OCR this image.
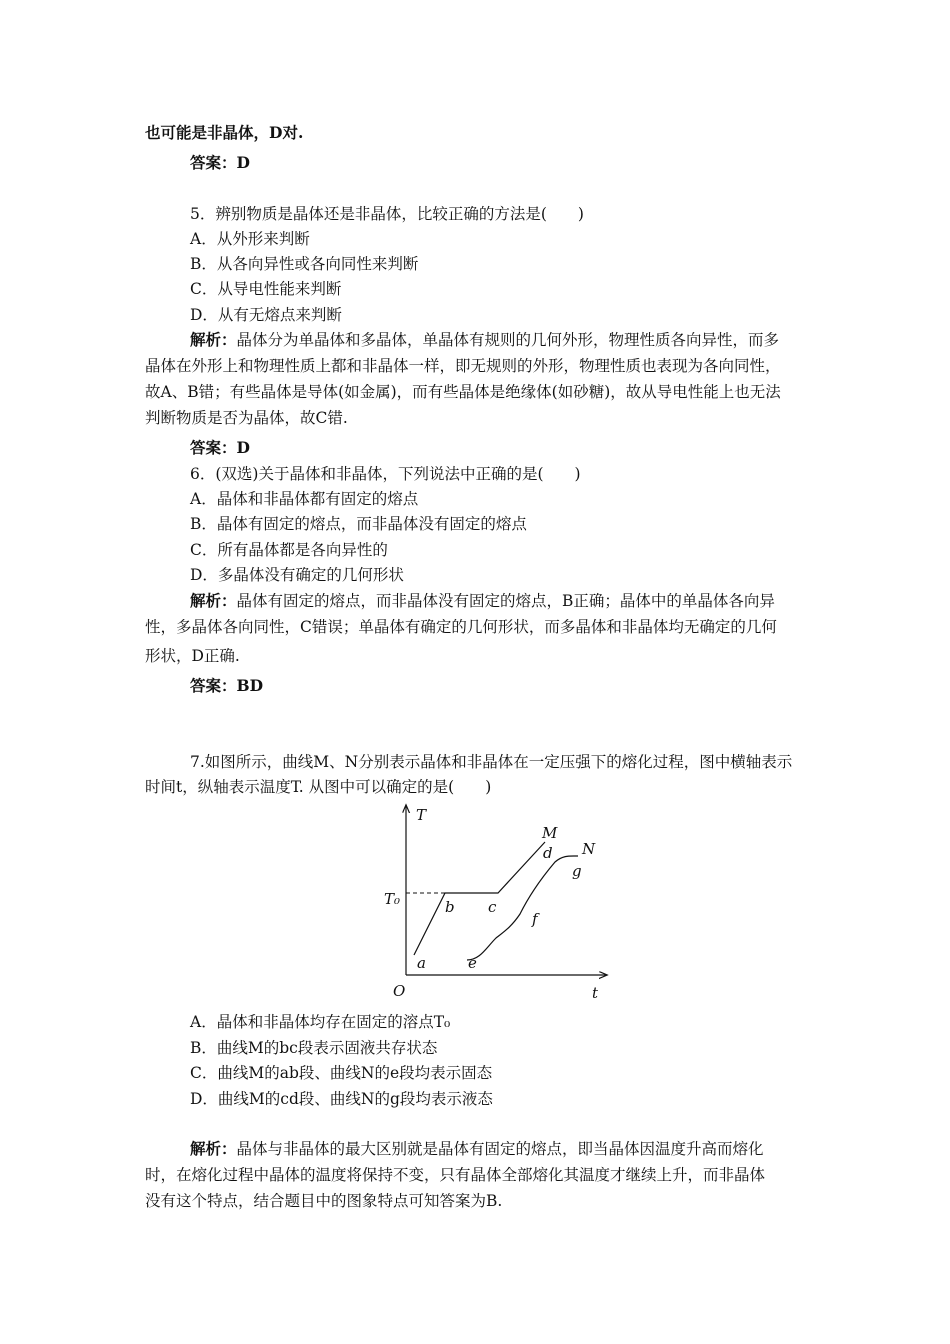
也可能是非晶体，D对.
答案：D
5．辨别物质是晶体还是非晶体，比较正确的方法是(　　)
A．从外形来判断
B．从各向异性或各向同性来判断
C．从导电性能来判断
D．从有无熔点来判断
解析：晶体分为单晶体和多晶体，单晶体有规则的几何外形，物理性质各向异性，而多
晶体在外形上和物理性质上都和非晶体一样，即无规则的外形，物理性质也表现为各向同性，
故A、B错；有些晶体是导体(如金属)，而有些晶体是绝缘体(如砂糖)，故从导电性能上也无法
判断物质是否为晶体，故C错.
答案：D
6．(双选)关于晶体和非晶体，下列说法中正确的是(　　)
A．晶体和非晶体都有固定的熔点
B．晶体有固定的熔点，而非晶体没有固定的熔点
C．所有晶体都是各向异性的
D．多晶体没有确定的几何形状
解析：晶体有固定的熔点，而非晶体没有固定的熔点，B正确；晶体中的单晶体各向异
性，多晶体各向同性，C错误；单晶体有确定的几何形状，而多晶体和非晶体均无确定的几何
形状，D正确.
答案：BD
7.如图所示，曲线M、N分别表示晶体和非晶体在一定压强下的熔化过程，图中横轴表示
时间t，纵轴表示温度T. 从图中可以确定的是(　　)
T
t
O
T₀
a
b c
d
e
f
g
M
N
A．晶体和非晶体均存在固定的溶点T₀
B．曲线M的bc段表示固液共存状态
C．曲线M的ab段、曲线N的e段均表示固态
D．曲线M的cd段、曲线N的g段均表示液态
解析：晶体与非晶体的最大区别就是晶体有固定的熔点，即当晶体因温度升高而熔化
时，在熔化过程中晶体的温度将保持不变，只有晶体全部熔化其温度才继续上升，而非晶体
没有这个特点，结合题目中的图象特点可知答案为B.
